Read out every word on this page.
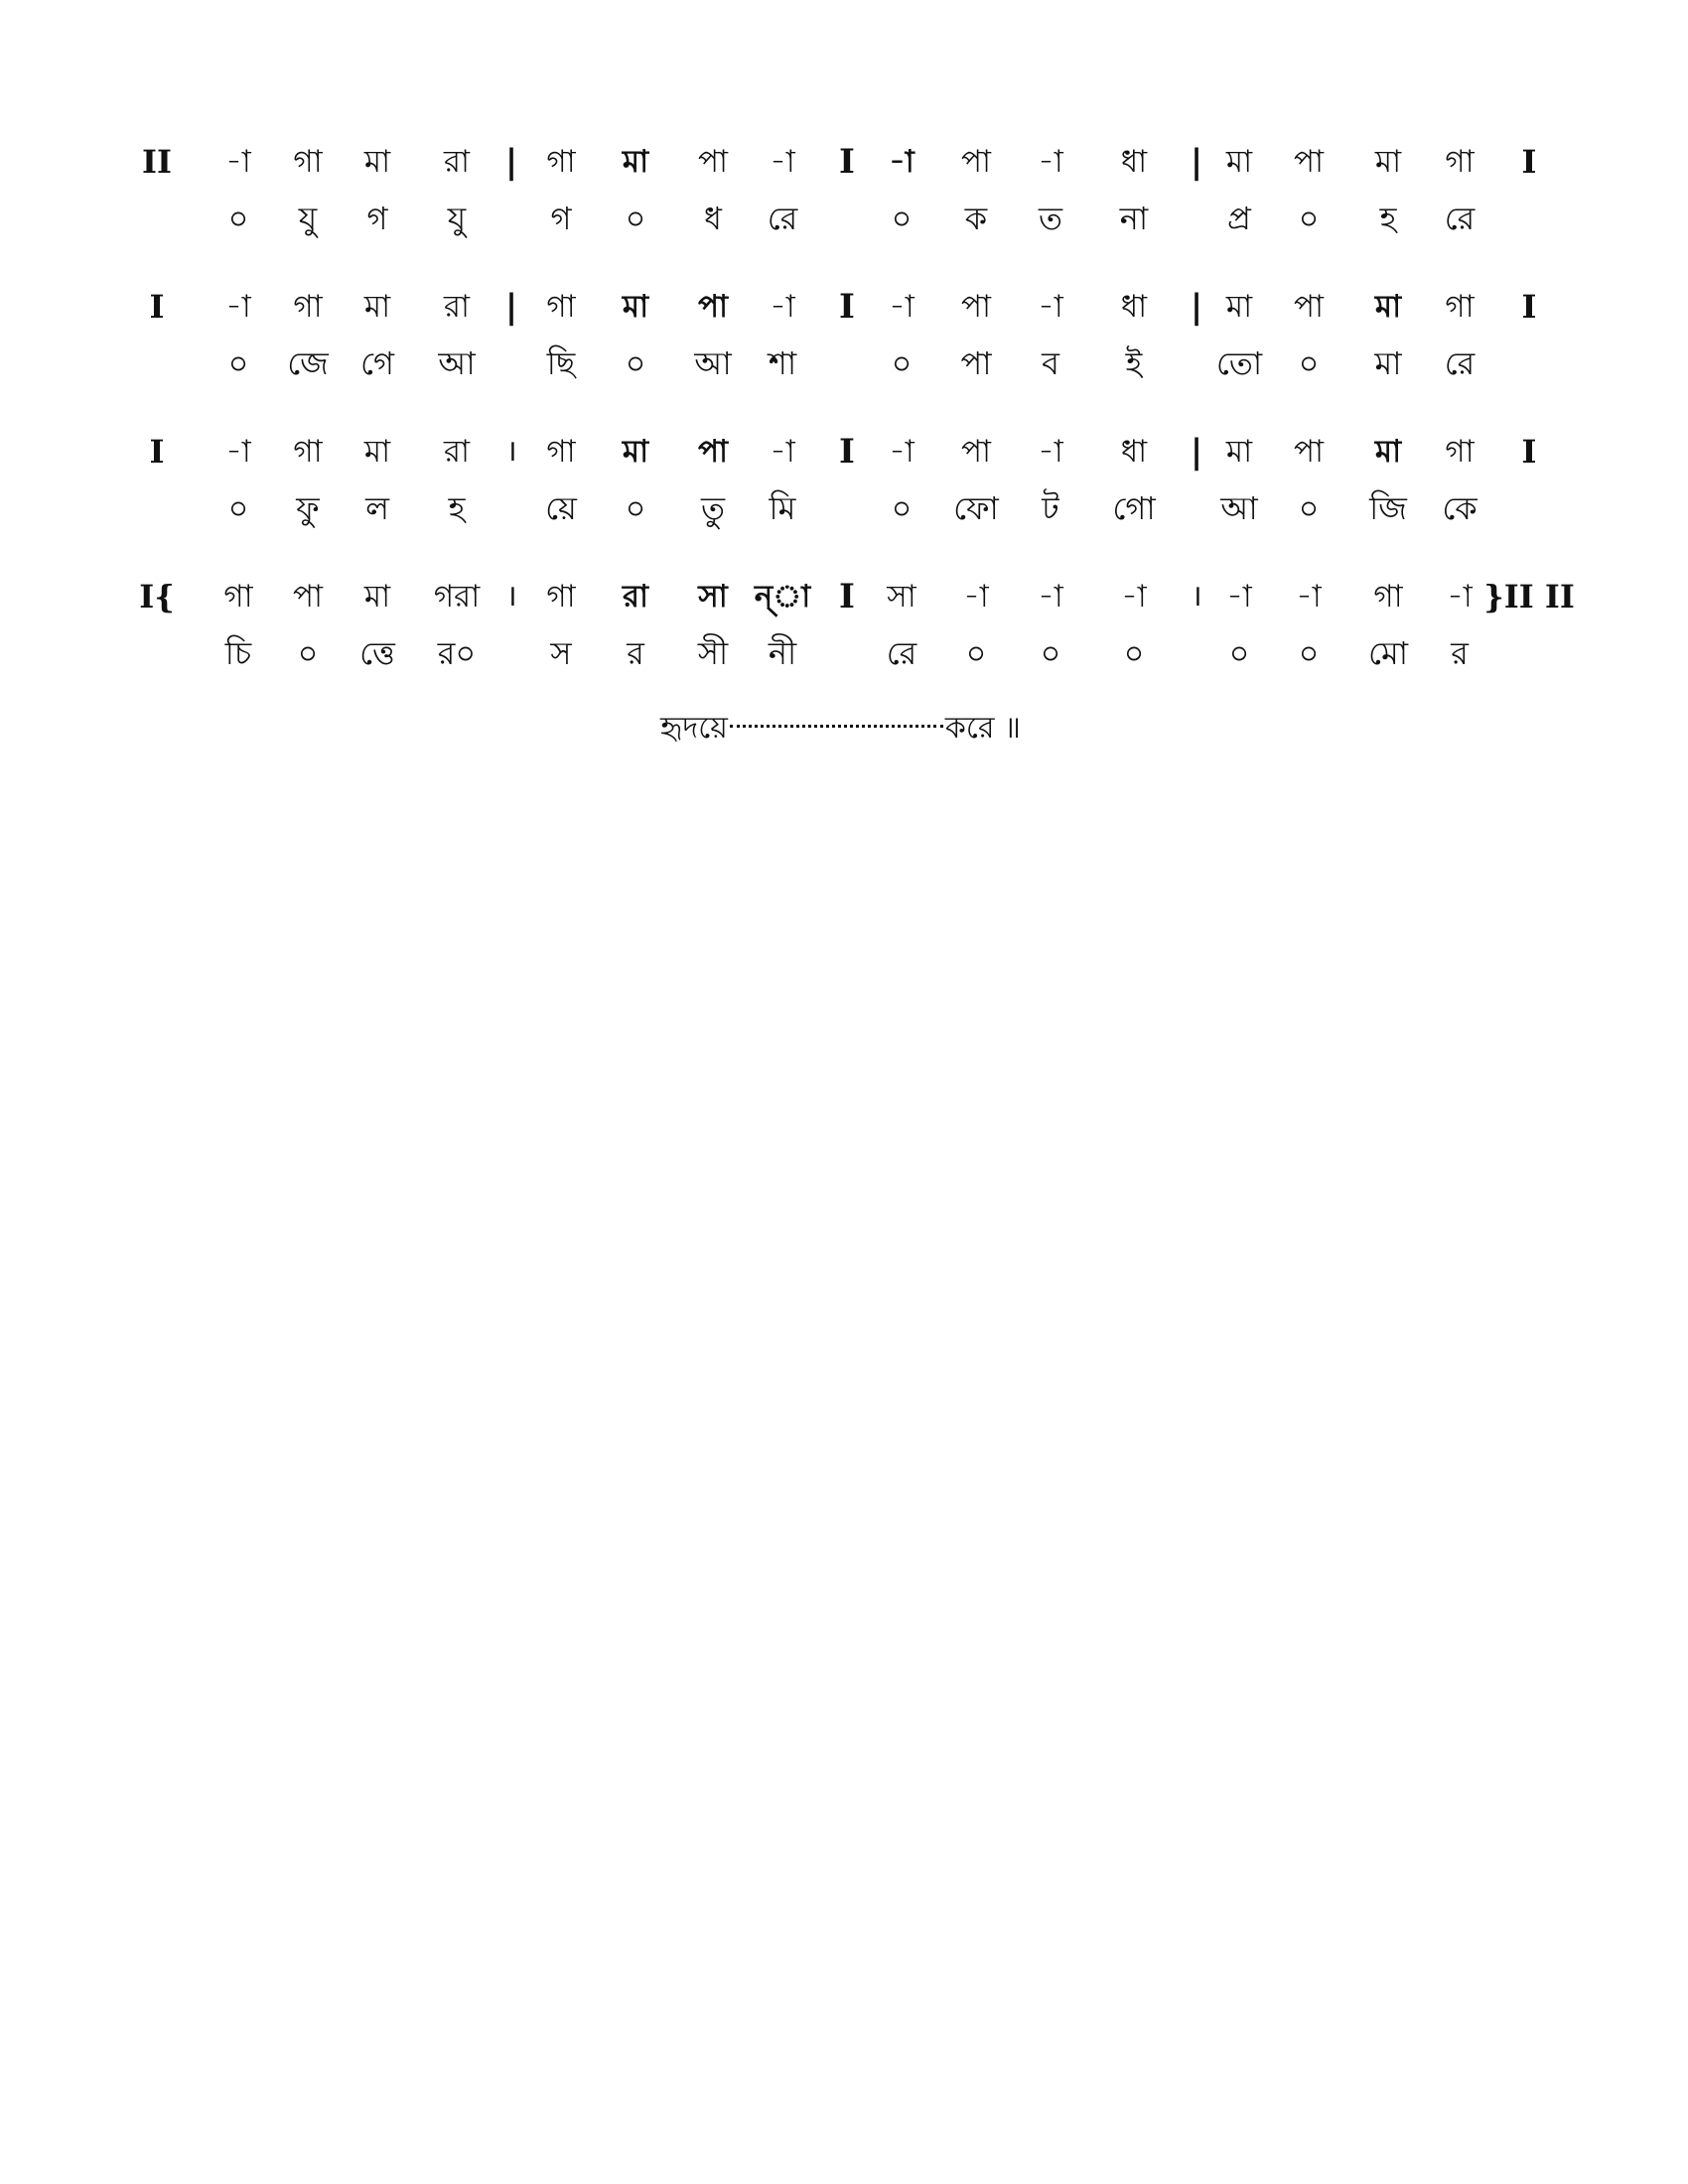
II -া গা মা রা | গা মা পা -া I -া পা -া ধা | মা পা মা গা I
০ যু গ যু	গ ০ ধ রে	০ ক ত না প্র ০ হ রে
I -া গা মা রা | গা মা পা -া I -া পা -া ধা | মা পা মা গা I
০ জে গে আ ছি ০ আ শা	০ পা ব ই তো ০ মা রে
I -া গা মা রা । গা মা পা -া I -া পা -া ধা | মা পা মা গা I
০ ফু ল হ	য়ে ০ তু মি	০ ফো ট গো আ ০ জি কে
I{ গা পা মা গরা । গা রা সা ন্া I সা -া -া -া । -া -া গা -া }II II
চি ০ ত্তে র০ স র সী নী	রে ০ ০ ০	০ ০ মো র
হৃদয়ে	করে ॥
